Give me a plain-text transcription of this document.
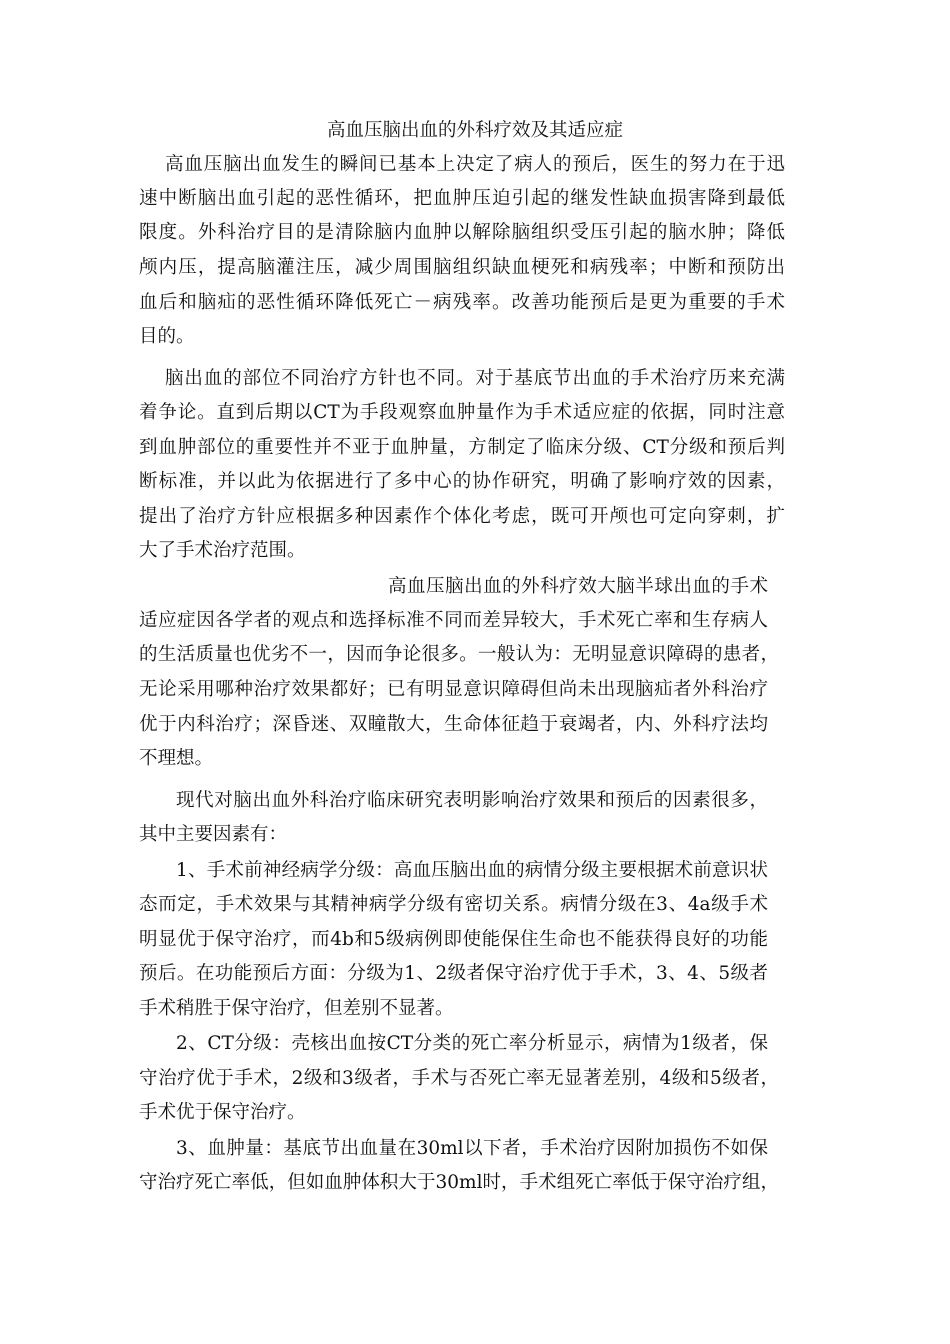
高血压脑出血的外科疗效及其适应症
高血压脑出血发生的瞬间已基本上决定了病人的预后，医生的努力在于迅
速中断脑出血引起的恶性循环，把血肿压迫引起的继发性缺血损害降到最低
限度。外科治疗目的是清除脑内血肿以解除脑组织受压引起的脑水肿；降低
颅内压，提高脑灌注压，减少周围脑组织缺血梗死和病残率；中断和预防出
血后和脑疝的恶性循环降低死亡－病残率。改善功能预后是更为重要的手术
目的。
脑出血的部位不同治疗方针也不同。对于基底节出血的手术治疗历来充满
着争论。直到后期以CT为手段观察血肿量作为手术适应症的依据，同时注意
到血肿部位的重要性并不亚于血肿量，方制定了临床分级、CT分级和预后判
断标准，并以此为依据进行了多中心的协作研究，明确了影响疗效的因素，
提出了治疗方针应根据多种因素作个体化考虑，既可开颅也可定向穿刺，扩
大了手术治疗范围。
高血压脑出血的外科疗效大脑半球出血的手术
适应症因各学者的观点和选择标准不同而差异较大，手术死亡率和生存病人
的生活质量也优劣不一，因而争论很多。一般认为：无明显意识障碍的患者，
无论采用哪种治疗效果都好；已有明显意识障碍但尚未出现脑疝者外科治疗
优于内科治疗；深昏迷、双瞳散大，生命体征趋于衰竭者，内、外科疗法均
不理想。
现代对脑出血外科治疗临床研究表明影响治疗效果和预后的因素很多，
其中主要因素有：
1、手术前神经病学分级：高血压脑出血的病情分级主要根据术前意识状
态而定，手术效果与其精神病学分级有密切关系。病情分级在3、4a级手术
明显优于保守治疗，而4b和5级病例即使能保住生命也不能获得良好的功能
预后。在功能预后方面：分级为1、2级者保守治疗优于手术，3、4、5级者
手术稍胜于保守治疗，但差别不显著。
2、CT分级：壳核出血按CT分类的死亡率分析显示，病情为1级者，保
守治疗优于手术，2级和3级者，手术与否死亡率无显著差别，4级和5级者，
手术优于保守治疗。
3、血肿量：基底节出血量在30ml以下者，手术治疗因附加损伤不如保
守治疗死亡率低，但如血肿体积大于30ml时，手术组死亡率低于保守治疗组，
